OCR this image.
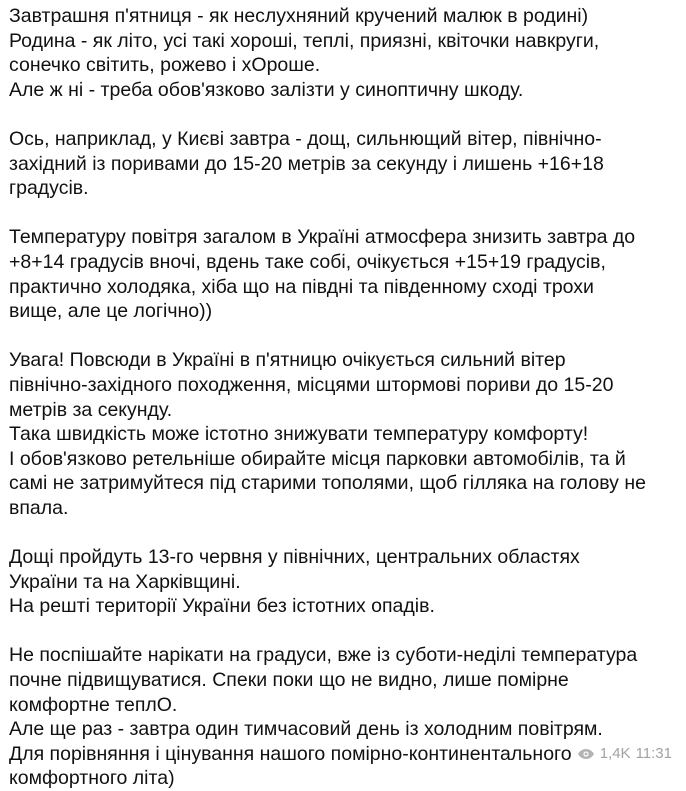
Завтрашня п'ятниця - як неслухняний кручений малюк в родині)
Родина - як літо, усі такі хороші, теплі, приязні, квіточки навкруги,
сонечко світить, рожево і хОроше.
Але ж ні - треба обов'язково залізти у синоптичну шкоду.

Ось, наприклад, у Києві завтра - дощ, сильнющий вітер, північно-
західний із поривами до 15-20 метрів за секунду і лишень +16+18
градусів.

Температуру повітря загалом в Україні атмосфера знизить завтра до
+8+14 градусів вночі, вдень таке собі, очікується +15+19 градусів,
практично холодяка, хіба що на півдні та південному сході трохи
вище, але це логічно))

Увага! Повсюди в Україні в п'ятницю очікується сильний вітер
північно-західного походження, місцями штормові пориви до 15-20
метрів за секунду.
Така швидкість може істотно знижувати температуру комфорту!
І обов'язково ретельніше обирайте місця парковки автомобілів, та й
самі не затримуйтеся під старими тополями, щоб гілляка на голову не
впала.

Дощі пройдуть 13-го червня у північних, центральних областях
України та на Харківщині.
На решті території України без істотних опадів.

Не поспішайте нарікати на градуси, вже із суботи-неділі температура
почне підвищуватися. Спеки поки що не видно, лише помірне
комфортне теплО.
Але ще раз - завтра один тимчасовий день із холодним повітрям.
Для порівняння і цінування нашого помірно-континентального
комфортного літа)

1,4K 11:31
